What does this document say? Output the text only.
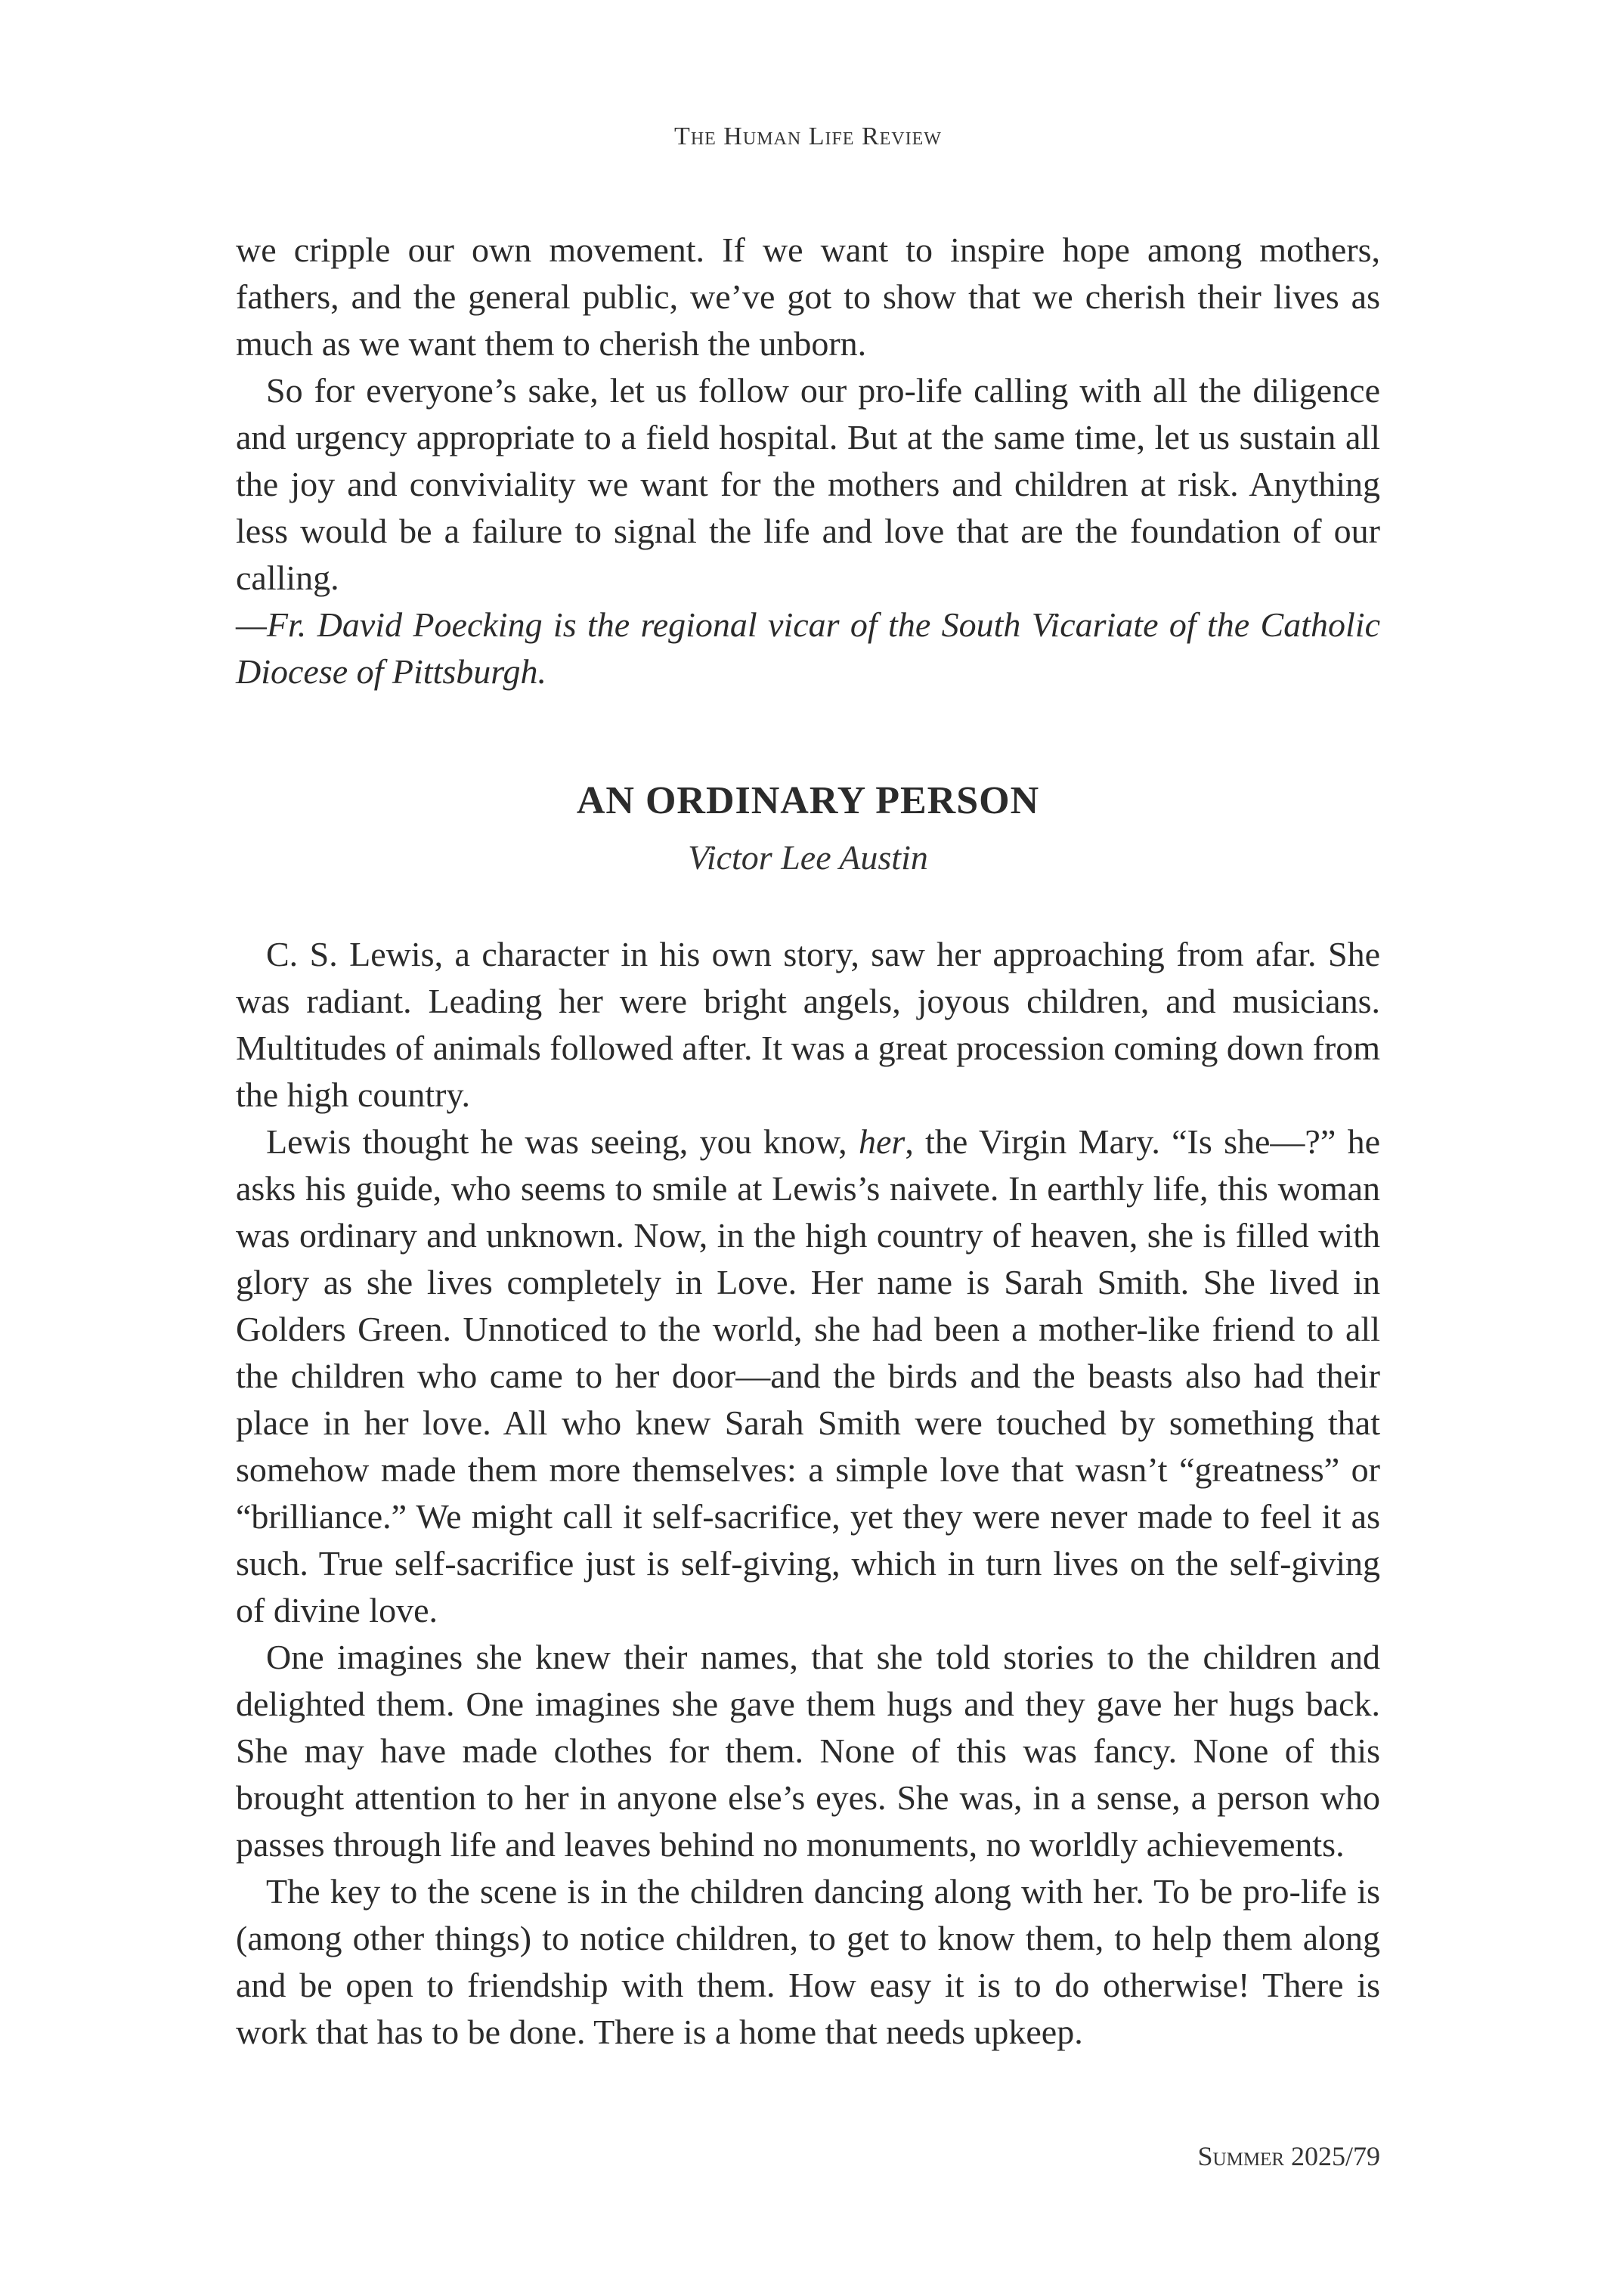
The Human Life Review

we cripple our own movement. If we want to inspire hope among mothers, fathers, and the general public, we’ve got to show that we cherish their lives as much as we want them to cherish the unborn.

So for everyone’s sake, let us follow our pro-life calling with all the diligence and urgency appropriate to a field hospital. But at the same time, let us sustain all the joy and conviviality we want for the mothers and children at risk. Anything less would be a failure to signal the life and love that are the foundation of our calling.

—Fr. David Poecking is the regional vicar of the South Vicariate of the Catholic Diocese of Pittsburgh.

AN ORDINARY PERSON
Victor Lee Austin

C. S. Lewis, a character in his own story, saw her approaching from afar. She was radiant. Leading her were bright angels, joyous children, and musicians. Multitudes of animals followed after. It was a great procession coming down from the high country.

Lewis thought he was seeing, you know, her, the Virgin Mary. “Is she—?” he asks his guide, who seems to smile at Lewis’s naivete. In earthly life, this woman was ordinary and unknown. Now, in the high country of heaven, she is filled with glory as she lives completely in Love. Her name is Sarah Smith. She lived in Golders Green. Unnoticed to the world, she had been a mother-like friend to all the children who came to her door—and the birds and the beasts also had their place in her love. All who knew Sarah Smith were touched by something that somehow made them more themselves: a simple love that wasn’t “greatness” or “brilliance.” We might call it self-sacrifice, yet they were never made to feel it as such. True self-sacrifice just is self-giving, which in turn lives on the self-giving of divine love.

One imagines she knew their names, that she told stories to the children and delighted them. One imagines she gave them hugs and they gave her hugs back. She may have made clothes for them. None of this was fancy. None of this brought attention to her in anyone else’s eyes. She was, in a sense, a person who passes through life and leaves behind no monuments, no worldly achievements.

The key to the scene is in the children dancing along with her. To be pro-life is (among other things) to notice children, to get to know them, to help them along and be open to friendship with them. How easy it is to do otherwise! There is work that has to be done. There is a home that needs upkeep.

Summer 2025/79
